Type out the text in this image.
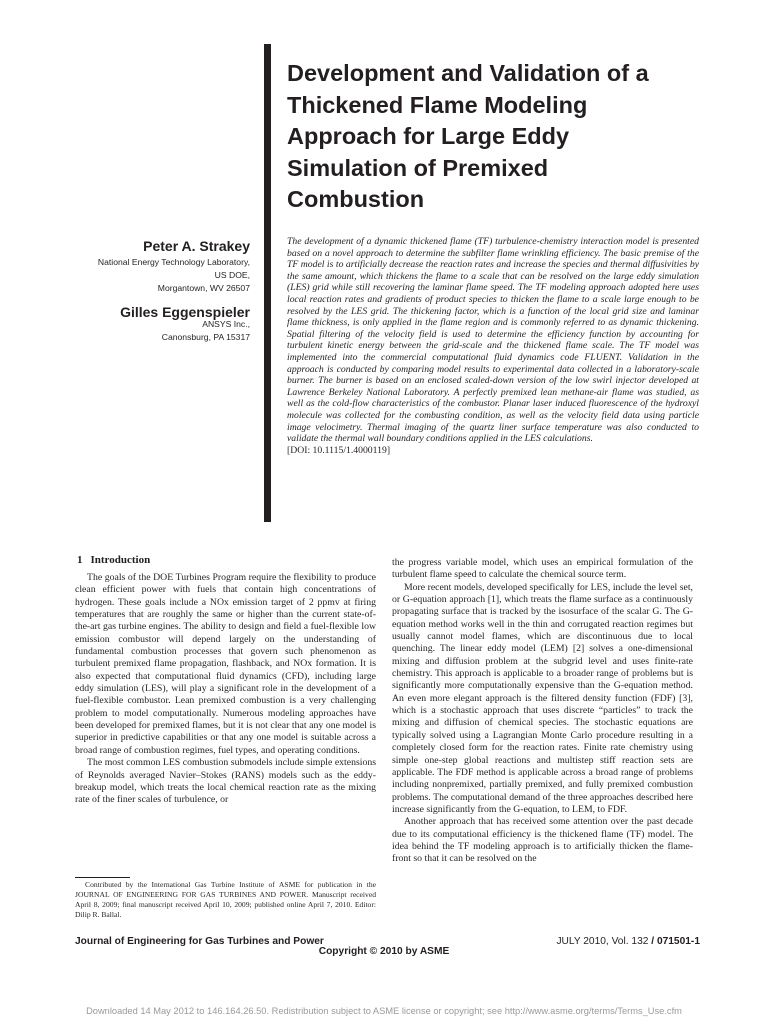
Development and Validation of a
Thickened Flame Modeling
Approach for Large Eddy
Simulation of Premixed
Combustion
Peter A. Strakey
National Energy Technology Laboratory,
US DOE,
Morgantown, WV 26507
Gilles Eggenspieler
ANSYS Inc.,
Canonsburg, PA 15317
The development of a dynamic thickened flame (TF) turbulence-chemistry interaction model is presented based on a novel approach to determine the subfilter flame wrinkling efficiency. The basic premise of the TF model is to artificially decrease the reaction rates and increase the species and thermal diffusivities by the same amount, which thickens the flame to a scale that can be resolved on the large eddy simulation (LES) grid while still recovering the laminar flame speed. The TF modeling approach adopted here uses local reaction rates and gradients of product species to thicken the flame to a scale large enough to be resolved by the LES grid. The thickening factor, which is a function of the local grid size and laminar flame thickness, is only applied in the flame region and is commonly referred to as dynamic thickening. Spatial filtering of the velocity field is used to determine the efficiency function by accounting for turbulent kinetic energy between the grid-scale and the thickened flame scale. The TF model was implemented into the commercial computational fluid dynamics code FLUENT. Validation in the approach is conducted by comparing model results to experimental data collected in a laboratory-scale burner. The burner is based on an enclosed scaled-down version of the low swirl injector developed at Lawrence Berkeley National Laboratory. A perfectly premixed lean methane-air flame was studied, as well as the cold-flow characteristics of the combustor. Planar laser induced fluorescence of the hydroxyl molecule was collected for the combusting condition, as well as the velocity field data using particle image velocimetry. Thermal imaging of the quartz liner surface temperature was also conducted to validate the thermal wall boundary conditions applied in the LES calculations.
[DOI: 10.1115/1.4000119]
1 Introduction

The goals of the DOE Turbines Program require the flexibility to produce clean efficient power with fuels that contain high concentrations of hydrogen. These goals include a NOx emission target of 2 ppmv at firing temperatures that are roughly the same or higher than the current state-of-the-art gas turbine engines. The ability to design and field a fuel-flexible low emission combustor will depend largely on the understanding of fundamental combustion processes that govern such phenomenon as turbulent premixed flame propagation, flashback, and NOx formation. It is also expected that computational fluid dynamics (CFD), including large eddy simulation (LES), will play a significant role in the development of a fuel-flexible combustor. Lean premixed combustion is a very challenging problem to model computationally. Numerous modeling approaches have been developed for premixed flames, but it is not clear that any one model is superior in predictive capabilities or that any one model is suitable across a broad range of combustion regimes, fuel types, and operating conditions.

The most common LES combustion submodels include simple extensions of Reynolds averaged Navier–Stokes (RANS) models such as the eddy-breakup model, which treats the local chemical reaction rate as the mixing rate of the finer scales of turbulence, or

the progress variable model, which uses an empirical formulation of the turbulent flame speed to calculate the chemical source term.

More recent models, developed specifically for LES, include the level set, or G-equation approach [1], which treats the flame surface as a continuously propagating surface that is tracked by the isosurface of the scalar G. The G-equation method works well in the thin and corrugated reaction regimes but usually cannot model flames, which are discontinuous due to local quenching. The linear eddy model (LEM) [2] solves a one-dimensional mixing and diffusion problem at the subgrid level and uses finite-rate chemistry. This approach is applicable to a broader range of problems but is significantly more computationally expensive than the G-equation method. An even more elegant approach is the filtered density function (FDF) [3], which is a stochastic approach that uses discrete “particles” to track the mixing and diffusion of chemical species. The stochastic equations are typically solved using a Lagrangian Monte Carlo procedure resulting in a completely closed form for the reaction rates. Finite rate chemistry using simple one-step global reactions and multistep stiff reaction sets are applicable. The FDF method is applicable across a broad range of problems including nonpremixed, partially premixed, and fully premixed combustion problems. The computational demand of the three approaches described here increase significantly from the G-equation, to LEM, to FDF.

Another approach that has received some attention over the past decade due to its computational efficiency is the thickened flame (TF) model. The idea behind the TF modeling approach is to artificially thicken the flame-front so that it can be resolved on the

Contributed by the International Gas Turbine Institute of ASME for publication in the JOURNAL OF ENGINEERING FOR GAS TURBINES AND POWER. Manuscript received April 8, 2009; final manuscript received April 10, 2009; published online April 7, 2010. Editor: Dilip R. Ballal.
Journal of Engineering for Gas Turbines and Power	JULY 2010, Vol. 132 / 071501-1
Copyright © 2010 by ASME
Downloaded 14 May 2012 to 146.164.26.50. Redistribution subject to ASME license or copyright; see http://www.asme.org/terms/Terms_Use.cfm
